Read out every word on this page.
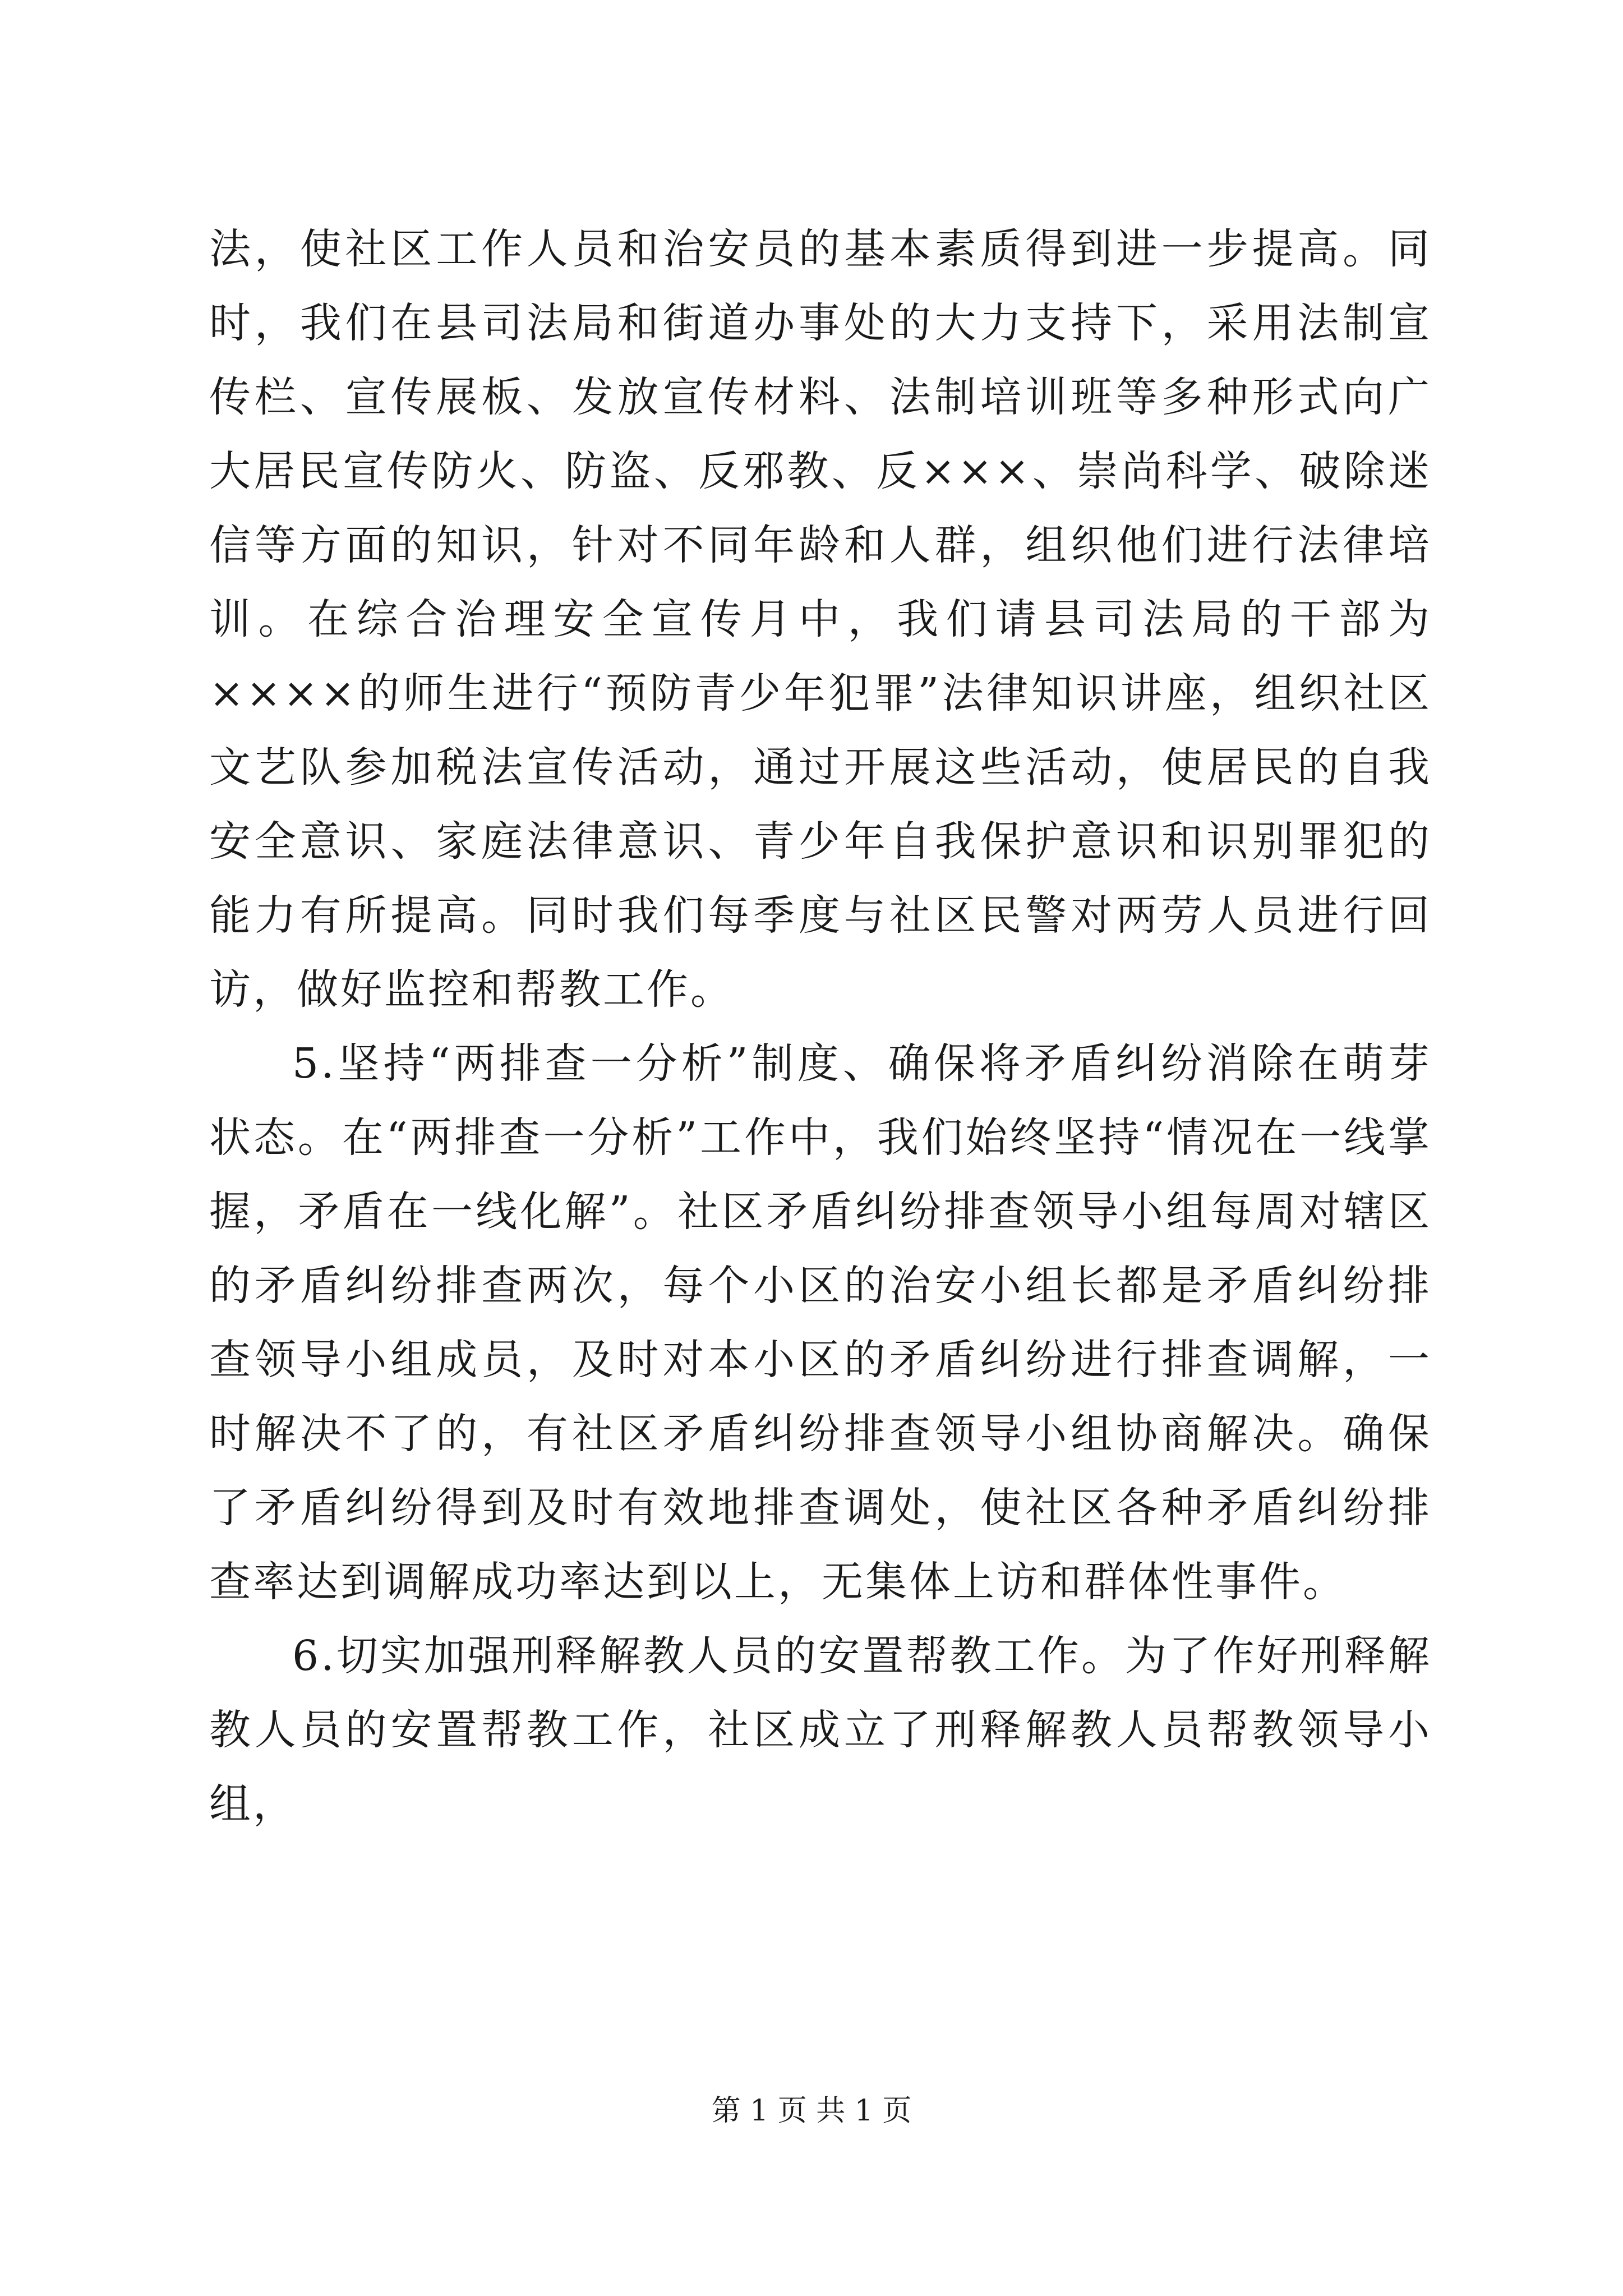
法，使社区工作人员和治安员的基本素质得到进一步提高。同时，我们在县司法局和街道办事处的大力支持下，采用法制宣传栏、宣传展板、发放宣传材料、法制培训班等多种形式向广大居民宣传防火、防盗、反邪教、反×××、崇尚科学、破除迷信等方面的知识，针对不同年龄和人群，组织他们进行法律培训。在综合治理安全宣传月中，我们请县司法局的干部为××××的师生进行“预防青少年犯罪”法律知识讲座，组织社区文艺队参加税法宣传活动，通过开展这些活动，使居民的自我安全意识、家庭法律意识、青少年自我保护意识和识别罪犯的能力有所提高。同时我们每季度与社区民警对两劳人员进行回访，做好监控和帮教工作。

5.坚持“两排查一分析”制度、确保将矛盾纠纷消除在萌芽状态。在“两排查一分析”工作中，我们始终坚持“情况在一线掌握，矛盾在一线化解”。社区矛盾纠纷排查领导小组每周对辖区的矛盾纠纷排查两次，每个小区的治安小组长都是矛盾纠纷排查领导小组成员，及时对本小区的矛盾纠纷进行排查调解，一时解决不了的，有社区矛盾纠纷排查领导小组协商解决。确保了矛盾纠纷得到及时有效地排查调处，使社区各种矛盾纠纷排查率达到调解成功率达到以上，无集体上访和群体性事件。

6.切实加强刑释解教人员的安置帮教工作。为了作好刑释解教人员的安置帮教工作，社区成立了刑释解教人员帮教领导小组，

第 1 页 共 1 页
